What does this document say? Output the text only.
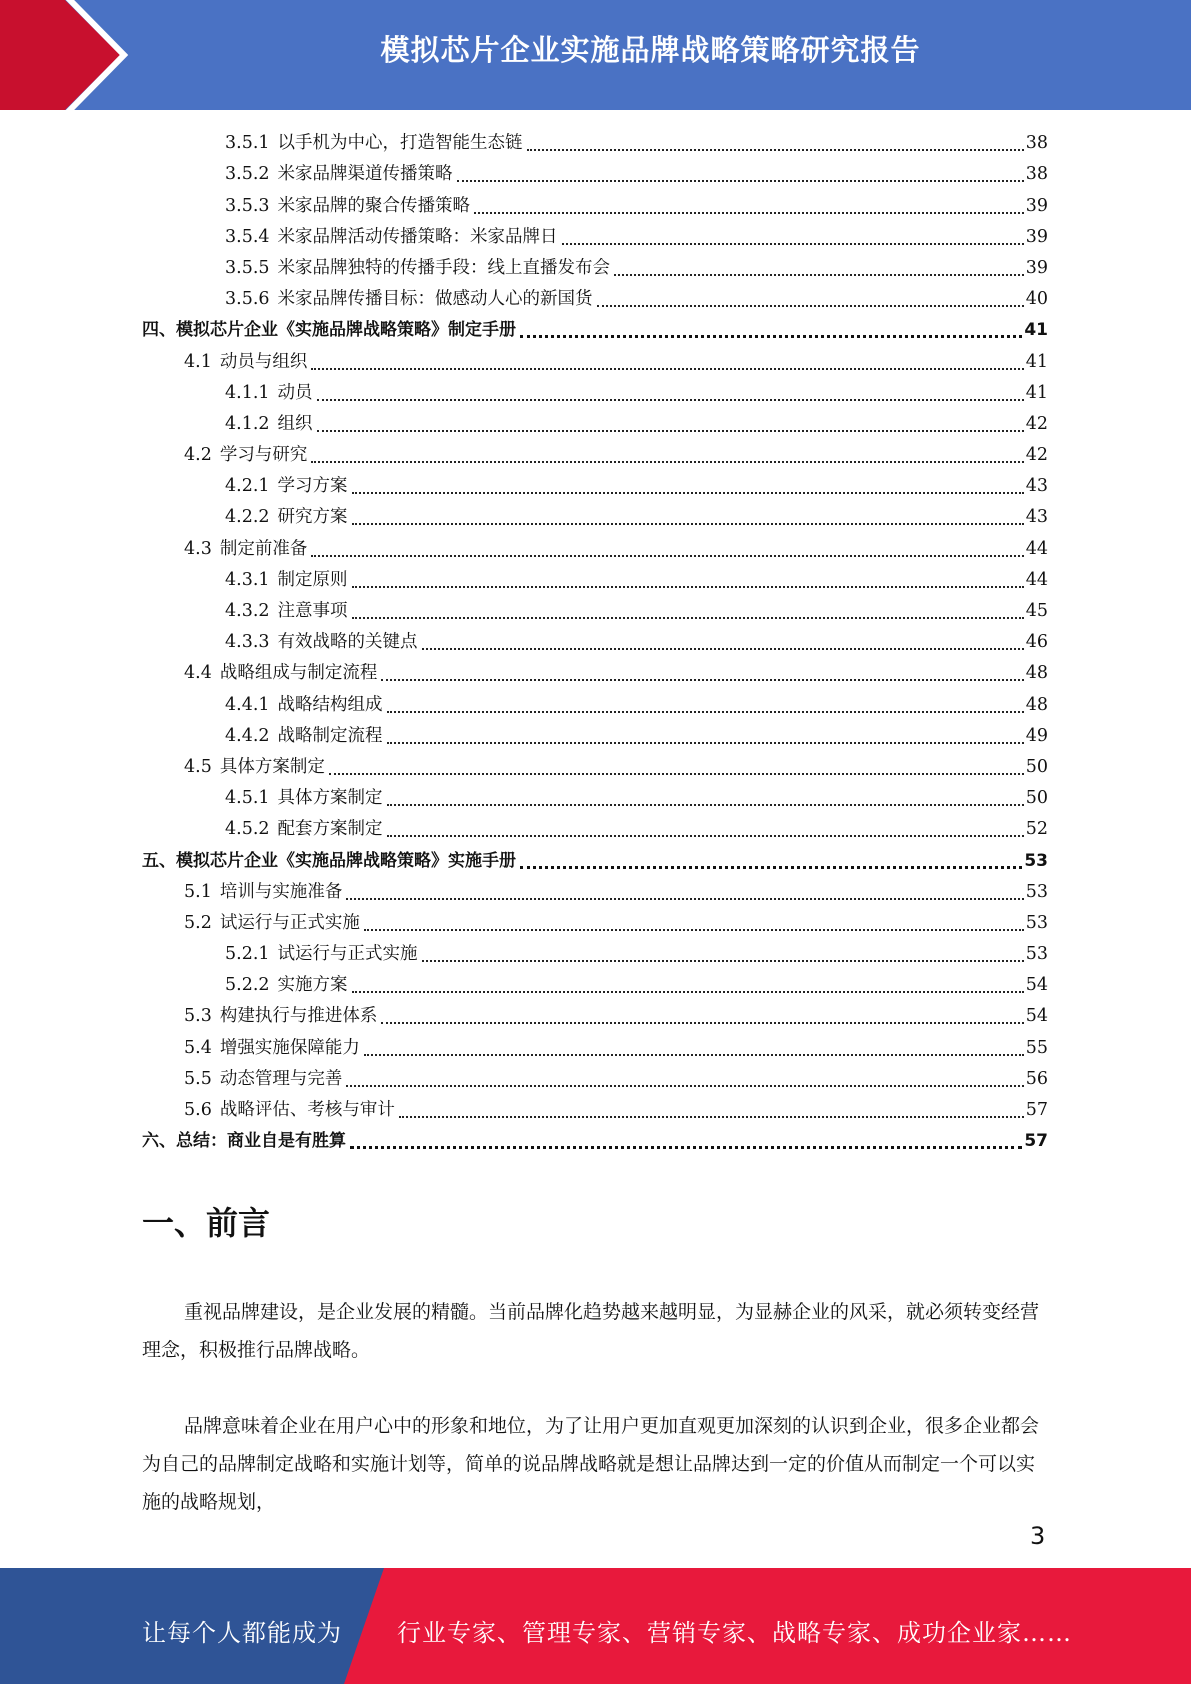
模拟芯片企业实施品牌战略策略研究报告
3.5.1 以手机为中心，打造智能生态链	38
3.5.2 米家品牌渠道传播策略	38
3.5.3 米家品牌的聚合传播策略	39
3.5.4 米家品牌活动传播策略：米家品牌日	39
3.5.5 米家品牌独特的传播手段：线上直播发布会	39
3.5.6 米家品牌传播目标：做感动人心的新国货	40
四、模拟芯片企业《实施品牌战略策略》制定手册	41
4.1 动员与组织	41
4.1.1 动员	41
4.1.2 组织	42
4.2 学习与研究	42
4.2.1 学习方案	43
4.2.2 研究方案	43
4.3 制定前准备	44
4.3.1 制定原则	44
4.3.2 注意事项	45
4.3.3 有效战略的关键点	46
4.4 战略组成与制定流程	48
4.4.1 战略结构组成	48
4.4.2 战略制定流程	49
4.5 具体方案制定	50
4.5.1 具体方案制定	50
4.5.2 配套方案制定	52
五、模拟芯片企业《实施品牌战略策略》实施手册	53
5.1 培训与实施准备	53
5.2 试运行与正式实施	53
5.2.1 试运行与正式实施	53
5.2.2 实施方案	54
5.3 构建执行与推进体系	54
5.4 增强实施保障能力	55
5.5 动态管理与完善	56
5.6 战略评估、考核与审计	57
六、总结：商业自是有胜算	57
一、前言

重视品牌建设，是企业发展的精髓。当前品牌化趋势越来越明显，为显赫企业的风采，就必须转变经营理念，积极推行品牌战略。

品牌意味着企业在用户心中的形象和地位，为了让用户更加直观更加深刻的认识到企业，很多企业都会为自己的品牌制定战略和实施计划等，简单的说品牌战略就是想让品牌达到一定的价值从而制定一个可以实施的战略规划，

3
让每个人都能成为 行业专家、管理专家、营销专家、战略专家、成功企业家……
